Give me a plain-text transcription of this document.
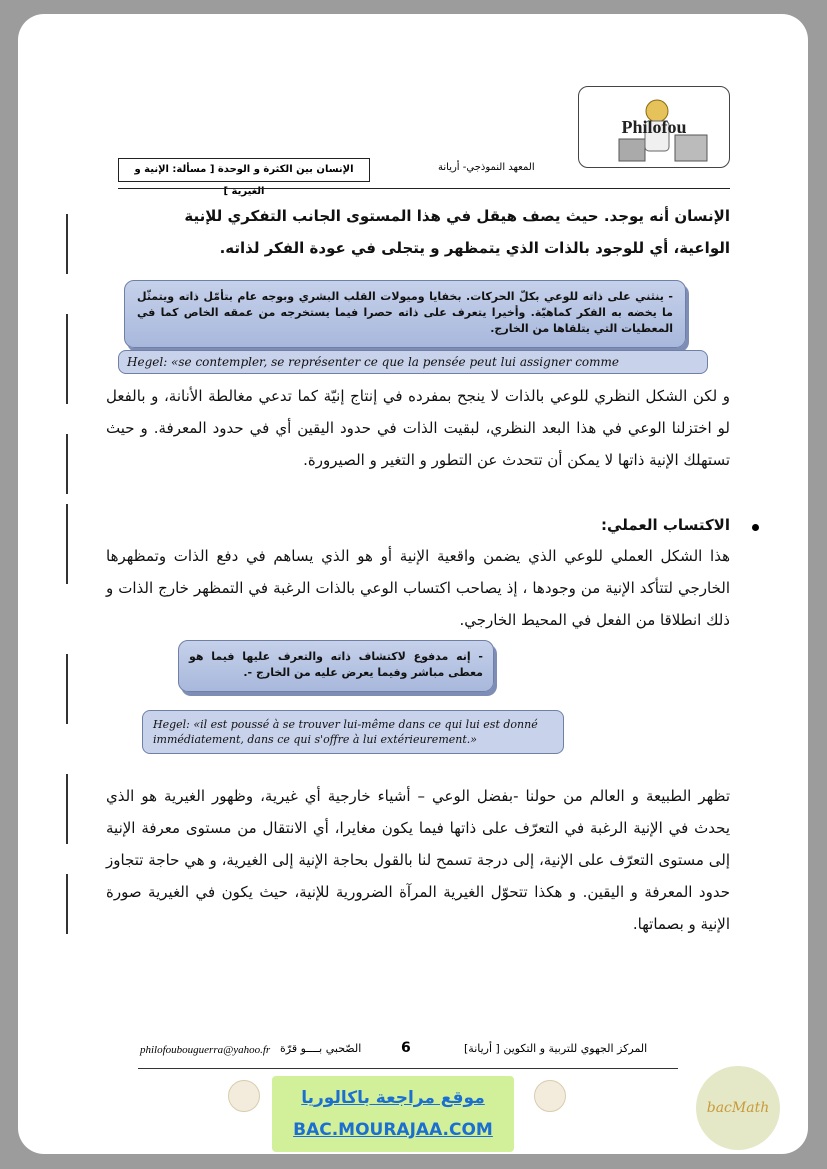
Philofou
الإنسان بين الكثرة و الوحدة [ مسألة: الإنية و الغيرية ]
المعهد النموذجي- أريانة
الإنسان أنه يوجد. حيث يصف هيقل في هذا المستوى الجانب التفكري للإنية
الواعية، أي للوجود بالذات الذي يتمظهر و يتجلى في عودة الفكر لذاته.
- ينثني على ذاته للوعي بكلّ الحركات. بخفايا وميولات القلب البشري وبوجه عام بتأمّل ذاته ويتمثّل ما يخضه به الفكر كماهيّة. وأخيرا يتعرف على ذاته حصرا فيما يستخرجه من عمقه الخاص كما في المعطيات التي يتلقاها من الخارج.
Hegel: «se contempler, se représenter ce que la pensée peut lui assigner comme
و لكن الشكل النظري للوعي بالذات لا ينجح بمفرده في إنتاج إنيّة كما تدعي مغالطة الأنانة، و بالفعل لو اختزلنا الوعي في هذا البعد النظري، لبقيت الذات في حدود اليقين أي في حدود المعرفة. و حيث تستهلك الإنية ذاتها لا يمكن أن تتحدث عن التطور و التغير و الصيرورة.
الاكتساب العملي:
هذا الشكل العملي للوعي الذي يضمن واقعية الإنية أو هو الذي يساهم في دفع الذات وتمظهرها الخارجي لتتأكد الإنية من وجودها ، إذ يصاحب اكتساب الوعي بالذات الرغبة في التمظهر خارج الذات و ذلك انطلاقا من الفعل في المحيط الخارجي.
- إنه مدفوع لاكتشاف ذاته والتعرف عليها فيما هو معطى مباشر وفيما يعرض عليه من الخارج -.
Hegel: «il est poussé à se trouver lui-même dans ce qui lui est donné immédiatement, dans ce qui s'offre à lui extérieurement.»
تظهر الطبيعة و العالم من حولنا -بفضل الوعي – أشياء خارجية أي غيرية، وظهور الغيرية هو الذي يحدث في الإنية الرغبة في التعرّف على ذاتها فيما يكون مغايرا، أي الانتقال من مستوى معرفة الإنية إلى مستوى التعرّف على الإنية، إلى درجة تسمح لنا بالقول بحاجة الإنية إلى الغيرية، و هي حاجة تتجاوز حدود المعرفة و اليقين. و هكذا تتحوّل الغيرية المرآة الضرورية للإنية، حيث يكون في الغيرية صورة الإنية و بصماتها.
philofoubouguerra@yahoo.fr الصّحبي بــــو قرّة	6	المركز الجهوي للتربية و التكوين [ أريانة]
موقع مراجعة باكالوريا
BAC.MOURAJAA.COM
bacMath
